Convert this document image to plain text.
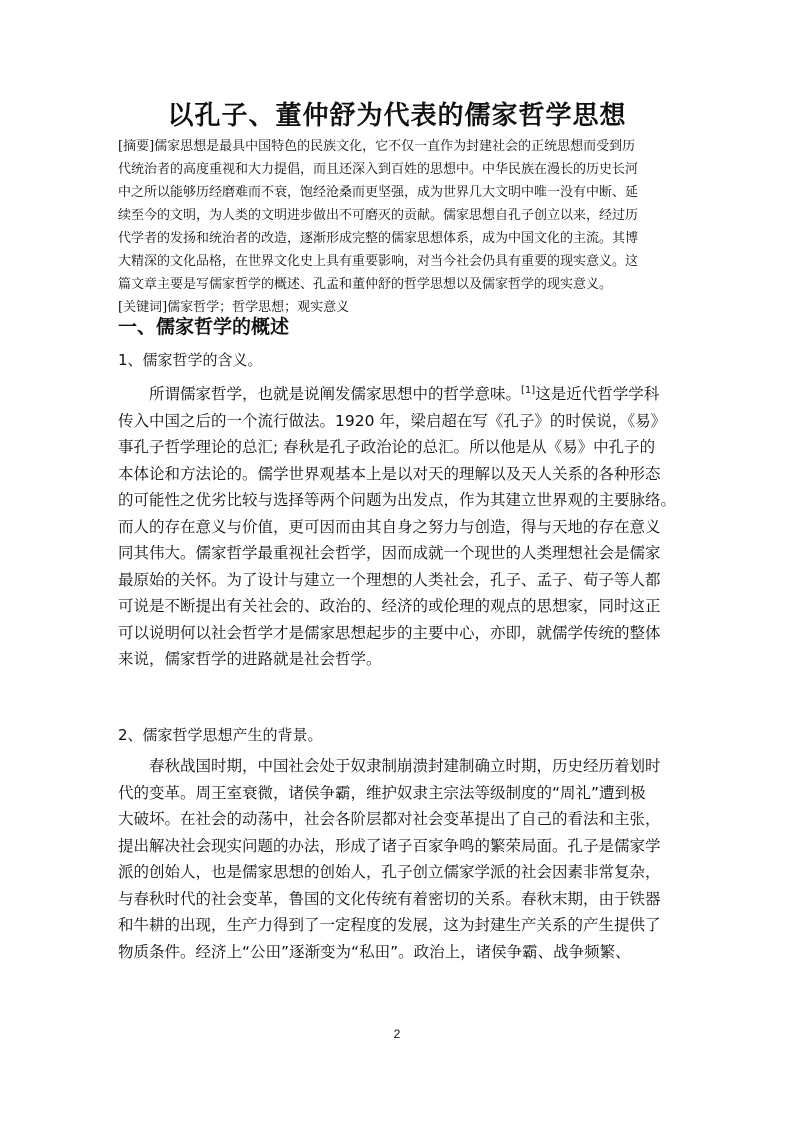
以孔子、董仲舒为代表的儒家哲学思想

[摘要]儒家思想是最具中国特色的民族文化，它不仅一直作为封建社会的正统思想而受到历

代统治者的高度重视和大力提倡，而且还深入到百姓的思想中。中华民族在漫长的历史长河

中之所以能够历经磨难而不衰，饱经沧桑而更坚强，成为世界几大文明中唯一没有中断、延

续至今的文明，为人类的文明进步做出不可磨灭的贡献。儒家思想自孔子创立以来，经过历

代学者的发扬和统治者的改造，逐渐形成完整的儒家思想体系，成为中国文化的主流。其博

大精深的文化品格，在世界文化史上具有重要影响，对当今社会仍具有重要的现实意义。这

篇文章主要是写儒家哲学的概述、孔孟和董仲舒的哲学思想以及儒家哲学的现实意义。

[关键词]儒家哲学；哲学思想；观实意义

一、儒家哲学的概述
1、儒家哲学的含义。
所谓儒家哲学，也就是说阐发儒家思想中的哲学意味。[1]这是近代哲学学科
传入中国之后的一个流行做法。1920 年，梁启超在写《孔子》的时侯说，《易》
事孔子哲学理论的总汇; 春秋是孔子政治论的总汇。所以他是从《易》中孔子的
本体论和方法论的。儒学世界观基本上是以对天的理解以及天人关系的各种形态
的可能性之优劣比较与选择等两个问题为出发点，作为其建立世界观的主要脉络。
而人的存在意义与价值，更可因而由其自身之努力与创造，得与天地的存在意义
同其伟大。儒家哲学最重视社会哲学，因而成就一个现世的人类理想社会是儒家
最原始的关怀。为了设计与建立一个理想的人类社会，孔子、孟子、荀子等人都
可说是不断提出有关社会的、政治的、经济的或伦理的观点的思想家，同时这正
可以说明何以社会哲学才是儒家思想起步的主要中心，亦即，就儒学传统的整体
来说，儒家哲学的进路就是社会哲学。
2、儒家哲学思想产生的背景。
春秋战国时期，中国社会处于奴隶制崩溃封建制确立时期，历史经历着划时
代的变革。周王室衰微，诸侯争霸，维护奴隶主宗法等级制度的“周礼”遭到极
大破坏。在社会的动荡中，社会各阶层都对社会变革提出了自己的看法和主张，
提出解决社会现实问题的办法，形成了诸子百家争鸣的繁荣局面。孔子是儒家学
派的创始人，也是儒家思想的创始人，孔子创立儒家学派的社会因素非常复杂，
与春秋时代的社会变革，鲁国的文化传统有着密切的关系。春秋末期，由于铁器
和牛耕的出现，生产力得到了一定程度的发展，这为封建生产关系的产生提供了
物质条件。经济上“公田”逐渐变为“私田”。政治上，诸侯争霸、战争频繁、
2
